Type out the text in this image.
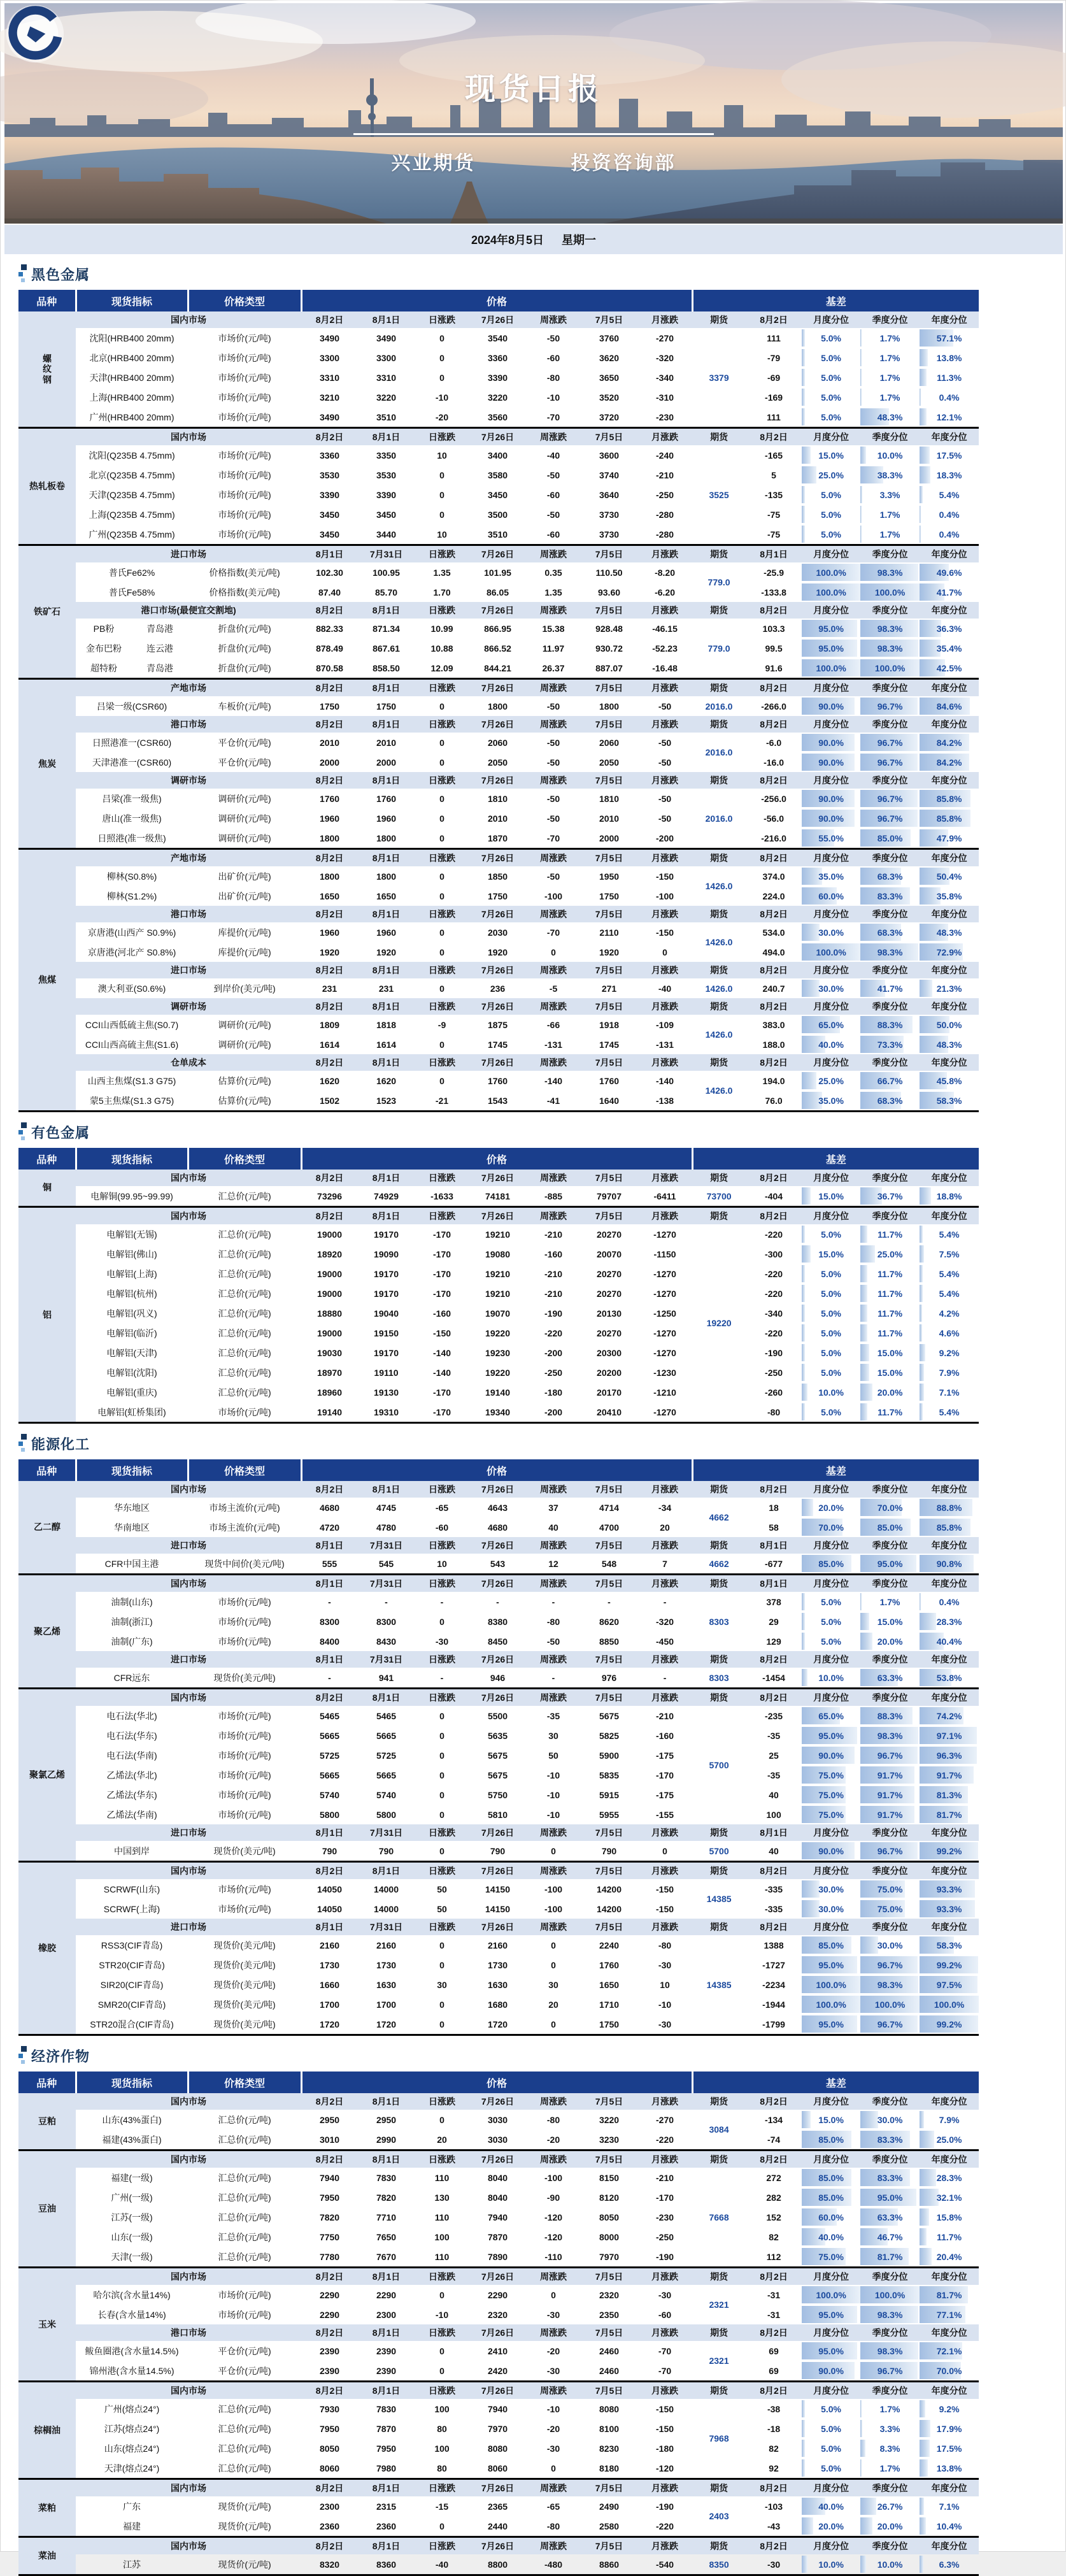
现货日报
兴业期货	投资咨询部
2024年8月5日 星期一
黑色金属
品种	现货指标		价格类型	价格							基差				
螺
纹
钢	国内市场			8月2日	8月1日	日涨跌	7月26日	周涨跌	7月5日	月涨跌	期货	8月2日	月度分位	季度分位	年度分位
	沈阳(HRB400 20mm)		市场价(元/吨)	3490	3490	0	3540	-50	3760	-270	3379	111	5.0%	1.7%	57.1%
	北京(HRB400 20mm)		市场价(元/吨)	3300	3300	0	3360	-60	3620	-320		-79	5.0%	1.7%	13.8%
	天津(HRB400 20mm)		市场价(元/吨)	3310	3310	0	3390	-80	3650	-340		-69	5.0%	1.7%	11.3%
	上海(HRB400 20mm)		市场价(元/吨)	3210	3220	-10	3220	-10	3520	-310		-169	5.0%	1.7%	0.4%
	广州(HRB400 20mm)		市场价(元/吨)	3490	3510	-20	3560	-70	3720	-230		111	5.0%	48.3%	12.1%
热轧板卷	国内市场			8月2日	8月1日	日涨跌	7月26日	周涨跌	7月5日	月涨跌	期货	8月2日	月度分位	季度分位	年度分位
	沈阳(Q235B 4.75mm)		市场价(元/吨)	3360	3350	10	3400	-40	3600	-240	3525	-165	15.0%	10.0%	17.5%
	北京(Q235B 4.75mm)		市场价(元/吨)	3530	3530	0	3580	-50	3740	-210		5	25.0%	38.3%	18.3%
	天津(Q235B 4.75mm)		市场价(元/吨)	3390	3390	0	3450	-60	3640	-250		-135	5.0%	3.3%	5.4%
	上海(Q235B 4.75mm)		市场价(元/吨)	3450	3450	0	3500	-50	3730	-280		-75	5.0%	1.7%	0.4%
	广州(Q235B 4.75mm)		市场价(元/吨)	3450	3440	10	3510	-60	3730	-280		-75	5.0%	1.7%	0.4%
铁矿石	进口市场			8月1日	7月31日	日涨跌	7月26日	周涨跌	7月5日	月涨跌	期货	8月1日	月度分位	季度分位	年度分位
	普氏Fe62%		价格指数(美元/吨)	102.30	100.95	1.35	101.95	0.35	110.50	-8.20	779.0	-25.9	100.0%	98.3%	49.6%
	普氏Fe58%		价格指数(美元/吨)	87.40	85.70	1.70	86.05	1.35	93.60	-6.20		-133.8	100.0%	100.0%	41.7%
	港口市场(最便宜交割地)			8月2日	8月1日	日涨跌	7月26日	周涨跌	7月5日	月涨跌	期货	8月2日	月度分位	季度分位	年度分位
	PB粉	青岛港	折盘价(元/吨)	882.33	871.34	10.99	866.95	15.38	928.48	-46.15	779.0	103.3	95.0%	98.3%	36.3%
	金布巴粉	连云港	折盘价(元/吨)	878.49	867.61	10.88	866.52	11.97	930.72	-52.23		99.5	95.0%	98.3%	35.4%
	超特粉	青岛港	折盘价(元/吨)	870.58	858.50	12.09	844.21	26.37	887.07	-16.48		91.6	100.0%	100.0%	42.5%
焦炭	产地市场			8月2日	8月1日	日涨跌	7月26日	周涨跌	7月5日	月涨跌	期货	8月2日	月度分位	季度分位	年度分位
	吕梁一级(CSR60)		车板价(元/吨)	1750	1750	0	1800	-50	1800	-50	2016.0	-266.0	90.0%	96.7%	84.6%
	港口市场			8月2日	8月1日	日涨跌	7月26日	周涨跌	7月5日	月涨跌	期货	8月2日	月度分位	季度分位	年度分位
	日照港准一(CSR60)		平仓价(元/吨)	2010	2010	0	2060	-50	2060	-50	2016.0	-6.0	90.0%	96.7%	84.2%
	天津港准一(CSR60)		平仓价(元/吨)	2000	2000	0	2050	-50	2050	-50		-16.0	90.0%	96.7%	84.2%
	调研市场			8月2日	8月1日	日涨跌	7月26日	周涨跌	7月5日	月涨跌	期货	8月2日	月度分位	季度分位	年度分位
	吕梁(准一级焦)		调研价(元/吨)	1760	1760	0	1810	-50	1810	-50	2016.0	-256.0	90.0%	96.7%	85.8%
	唐山(准一级焦)		调研价(元/吨)	1960	1960	0	2010	-50	2010	-50		-56.0	90.0%	96.7%	85.8%
	日照港(准一级焦)		调研价(元/吨)	1800	1800	0	1870	-70	2000	-200		-216.0	55.0%	85.0%	47.9%
焦煤	产地市场			8月2日	8月1日	日涨跌	7月26日	周涨跌	7月5日	月涨跌	期货	8月2日	月度分位	季度分位	年度分位
	柳林(S0.8%)		出矿价(元/吨)	1800	1800	0	1850	-50	1950	-150	1426.0	374.0	35.0%	68.3%	50.4%
	柳林(S1.2%)		出矿价(元/吨)	1650	1650	0	1750	-100	1750	-100		224.0	60.0%	83.3%	35.8%
	港口市场			8月2日	8月1日	日涨跌	7月26日	周涨跌	7月5日	月涨跌	期货	8月2日	月度分位	季度分位	年度分位
	京唐港(山西产 S0.9%)		库提价(元/吨)	1960	1960	0	2030	-70	2110	-150	1426.0	534.0	30.0%	68.3%	48.3%
	京唐港(河北产 S0.8%)		库提价(元/吨)	1920	1920	0	1920	0	1920	0		494.0	100.0%	98.3%	72.9%
	进口市场			8月2日	8月1日	日涨跌	7月26日	周涨跌	7月5日	月涨跌	期货	8月2日	月度分位	季度分位	年度分位
	澳大利亚(S0.6%)		到岸价(美元/吨)	231	231	0	236	-5	271	-40	1426.0	240.7	30.0%	41.7%	21.3%
	调研市场			8月2日	8月1日	日涨跌	7月26日	周涨跌	7月5日	月涨跌	期货	8月2日	月度分位	季度分位	年度分位
	CCI山西低硫主焦(S0.7)		调研价(元/吨)	1809	1818	-9	1875	-66	1918	-109	1426.0	383.0	65.0%	88.3%	50.0%
	CCI山西高硫主焦(S1.6)		调研价(元/吨)	1614	1614	0	1745	-131	1745	-131		188.0	40.0%	73.3%	48.3%
	仓单成本			8月2日	8月1日	日涨跌	7月26日	周涨跌	7月5日	月涨跌	期货	8月2日	月度分位	季度分位	年度分位
	山西主焦煤(S1.3 G75)		估算价(元/吨)	1620	1620	0	1760	-140	1760	-140	1426.0	194.0	25.0%	66.7%	45.8%
	蒙5主焦煤(S1.3 G75)		估算价(元/吨)	1502	1523	-21	1543	-41	1640	-138		76.0	35.0%	68.3%	58.3%
有色金属
品种	现货指标	价格类型	价格							基差				
铜	国内市场		8月2日	8月1日	日涨跌	7月26日	周涨跌	7月5日	月涨跌	期货	8月2日	月度分位	季度分位	年度分位
	电解铜(99.95~99.99)	汇总价(元/吨)	73296	74929	-1633	74181	-885	79707	-6411	73700	-404	15.0%	36.7%	18.8%
铝	国内市场		8月2日	8月1日	日涨跌	7月26日	周涨跌	7月5日	月涨跌	期货	8月2日	月度分位	季度分位	年度分位
	电解铝(无锡)	汇总价(元/吨)	19000	19170	-170	19210	-210	20270	-1270	19220	-220	5.0%	11.7%	5.4%
	电解铝(佛山)	汇总价(元/吨)	18920	19090	-170	19080	-160	20070	-1150		-300	15.0%	25.0%	7.5%
	电解铝(上海)	汇总价(元/吨)	19000	19170	-170	19210	-210	20270	-1270		-220	5.0%	11.7%	5.4%
	电解铝(杭州)	汇总价(元/吨)	19000	19170	-170	19210	-210	20270	-1270		-220	5.0%	11.7%	5.4%
	电解铝(巩义)	汇总价(元/吨)	18880	19040	-160	19070	-190	20130	-1250		-340	5.0%	11.7%	4.2%
	电解铝(临沂)	汇总价(元/吨)	19000	19150	-150	19220	-220	20270	-1270		-220	5.0%	11.7%	4.6%
	电解铝(天津)	汇总价(元/吨)	19030	19170	-140	19230	-200	20300	-1270		-190	5.0%	15.0%	9.2%
	电解铝(沈阳)	汇总价(元/吨)	18970	19110	-140	19220	-250	20200	-1230		-250	5.0%	15.0%	7.9%
	电解铝(重庆)	汇总价(元/吨)	18960	19130	-170	19140	-180	20170	-1210		-260	10.0%	20.0%	7.1%
	电解铝(虹桥集团)	市场价(元/吨)	19140	19310	-170	19340	-200	20410	-1270		-80	5.0%	11.7%	5.4%
能源化工
品种	现货指标	价格类型	价格							基差				
乙二醇	国内市场		8月2日	8月1日	日涨跌	7月26日	周涨跌	7月5日	月涨跌	期货	8月2日	月度分位	季度分位	年度分位
	华东地区	市场主流价(元/吨)	4680	4745	-65	4643	37	4714	-34	4662	18	20.0%	70.0%	88.8%
	华南地区	市场主流价(元/吨)	4720	4780	-60	4680	40	4700	20		58	70.0%	85.0%	85.8%
	进口市场		8月1日	7月31日	日涨跌	7月26日	周涨跌	7月5日	月涨跌	期货	8月1日	月度分位	季度分位	年度分位
	CFR中国主港	现货中间价(美元/吨)	555	545	10	543	12	548	7	4662	-677	85.0%	95.0%	90.8%
聚乙烯	国内市场		8月1日	7月31日	日涨跌	7月26日	周涨跌	7月5日	月涨跌	期货	8月1日	月度分位	季度分位	年度分位
	油制(山东)	市场价(元/吨)	-	-	-	-	-	-	-	8303	378	5.0%	1.7%	0.4%
	油制(浙江)	市场价(元/吨)	8300	8300	0	8380	-80	8620	-320		29	5.0%	15.0%	28.3%
	油制(广东)	市场价(元/吨)	8400	8430	-30	8450	-50	8850	-450		129	5.0%	20.0%	40.4%
	进口市场		8月1日	7月31日	日涨跌	7月26日	周涨跌	7月5日	月涨跌	期货	8月2日	月度分位	季度分位	年度分位
	CFR远东	现货价(美元/吨)	-	941	-	946	-	976	-	8303	-1454	10.0%	63.3%	53.8%
聚氯乙烯	国内市场		8月2日	8月1日	日涨跌	7月26日	周涨跌	7月5日	月涨跌	期货	8月2日	月度分位	季度分位	年度分位
	电石法(华北)	市场价(元/吨)	5465	5465	0	5500	-35	5675	-210	5700	-235	65.0%	88.3%	74.2%
	电石法(华东)	市场价(元/吨)	5665	5665	0	5635	30	5825	-160		-35	95.0%	98.3%	97.1%
	电石法(华南)	市场价(元/吨)	5725	5725	0	5675	50	5900	-175		25	90.0%	96.7%	96.3%
	乙烯法(华北)	市场价(元/吨)	5665	5665	0	5675	-10	5835	-170		-35	75.0%	91.7%	91.7%
	乙烯法(华东)	市场价(元/吨)	5740	5740	0	5750	-10	5915	-175		40	75.0%	91.7%	81.3%
	乙烯法(华南)	市场价(元/吨)	5800	5800	0	5810	-10	5955	-155		100	75.0%	91.7%	81.7%
	进口市场		8月1日	7月31日	日涨跌	7月26日	周涨跌	7月5日	月涨跌	期货	8月1日	月度分位	季度分位	年度分位
	中国到岸	现货价(美元/吨)	790	790	0	790	0	790	0	5700	40	90.0%	96.7%	99.2%
橡胶	国内市场		8月2日	8月1日	日涨跌	7月26日	周涨跌	7月5日	月涨跌	期货	8月2日	月度分位	季度分位	年度分位
	SCRWF(山东)	市场价(元/吨)	14050	14000	50	14150	-100	14200	-150	14385	-335	30.0%	75.0%	93.3%
	SCRWF(上海)	市场价(元/吨)	14050	14000	50	14150	-100	14200	-150		-335	30.0%	75.0%	93.3%
	进口市场		8月1日	7月31日	日涨跌	7月26日	周涨跌	7月5日	月涨跌	期货	8月2日	月度分位	季度分位	年度分位
	RSS3(CIF青岛)	现货价(美元/吨)	2160	2160	0	2160	0	2240	-80	14385	1388	85.0%	30.0%	58.3%
	STR20(CIF青岛)	现货价(美元/吨)	1730	1730	0	1730	0	1760	-30		-1727	95.0%	96.7%	99.2%
	SIR20(CIF青岛)	现货价(美元/吨)	1660	1630	30	1630	30	1650	10		-2234	100.0%	98.3%	97.5%
	SMR20(CIF青岛)	现货价(美元/吨)	1700	1700	0	1680	20	1710	-10		-1944	100.0%	100.0%	100.0%
	STR20混合(CIF青岛)	现货价(美元/吨)	1720	1720	0	1720	0	1750	-30		-1799	95.0%	96.7%	99.2%
经济作物
品种	现货指标	价格类型	价格							基差				
豆粕	国内市场		8月2日	8月1日	日涨跌	7月26日	周涨跌	7月5日	月涨跌	期货	8月2日	月度分位	季度分位	年度分位
	山东(43%蛋白)	汇总价(元/吨)	2950	2950	0	3030	-80	3220	-270	3084	-134	15.0%	30.0%	7.9%
	福建(43%蛋白)	汇总价(元/吨)	3010	2990	20	3030	-20	3230	-220		-74	85.0%	83.3%	25.0%
豆油	国内市场		8月2日	8月1日	日涨跌	7月26日	周涨跌	7月5日	月涨跌	期货	8月2日	月度分位	季度分位	年度分位
	福建(一级)	汇总价(元/吨)	7940	7830	110	8040	-100	8150	-210	7668	272	85.0%	83.3%	28.3%
	广州(一级)	汇总价(元/吨)	7950	7820	130	8040	-90	8120	-170		282	85.0%	95.0%	32.1%
	江苏(一级)	汇总价(元/吨)	7820	7710	110	7940	-120	8050	-230		152	60.0%	63.3%	15.8%
	山东(一级)	汇总价(元/吨)	7750	7650	100	7870	-120	8000	-250		82	40.0%	46.7%	11.7%
	天津(一级)	汇总价(元/吨)	7780	7670	110	7890	-110	7970	-190		112	75.0%	81.7%	20.4%
玉米	国内市场		8月2日	8月1日	日涨跌	7月26日	周涨跌	7月5日	月涨跌	期货	8月2日	月度分位	季度分位	年度分位
	哈尔滨(含水量14%)	市场价(元/吨)	2290	2290	0	2290	0	2320	-30	2321	-31	100.0%	100.0%	81.7%
	长春(含水量14%)	市场价(元/吨)	2290	2300	-10	2320	-30	2350	-60		-31	95.0%	98.3%	77.1%
	港口市场		8月2日	8月1日	日涨跌	7月26日	周涨跌	7月5日	月涨跌	期货	8月2日	月度分位	季度分位	年度分位
	鲅鱼圈港(含水量14.5%)	平仓价(元/吨)	2390	2390	0	2410	-20	2460	-70	2321	69	95.0%	98.3%	72.1%
	锦州港(含水量14.5%)	平仓价(元/吨)	2390	2390	0	2420	-30	2460	-70		69	90.0%	96.7%	70.0%
棕榈油	国内市场		8月2日	8月1日	日涨跌	7月26日	周涨跌	7月5日	月涨跌	期货	8月2日	月度分位	季度分位	年度分位
	广州(熔点24°)	汇总价(元/吨)	7930	7830	100	7940	-10	8080	-150	7968	-38	5.0%	1.7%	9.2%
	江苏(熔点24°)	汇总价(元/吨)	7950	7870	80	7970	-20	8100	-150		-18	5.0%	3.3%	17.9%
	山东(熔点24°)	汇总价(元/吨)	8050	7950	100	8080	-30	8230	-180		82	5.0%	8.3%	17.5%
	天津(熔点24°)	汇总价(元/吨)	8060	7980	80	8060	0	8180	-120		92	5.0%	1.7%	13.8%
菜粕	国内市场		8月2日	8月1日	日涨跌	7月26日	周涨跌	7月5日	月涨跌	期货	8月2日	月度分位	季度分位	年度分位
	广东	现货价(元/吨)	2300	2315	-15	2365	-65	2490	-190	2403	-103	40.0%	26.7%	7.1%
	福建	现货价(元/吨)	2360	2360	0	2440	-80	2580	-220		-43	20.0%	20.0%	10.4%
菜油	国内市场		8月2日	8月1日	日涨跌	7月26日	周涨跌	7月5日	月涨跌	期货	8月2日	月度分位	季度分位	年度分位
	江苏	现货价(元/吨)	8320	8360	-40	8800	-480	8860	-540	8350	-30	10.0%	10.0%	6.3%
